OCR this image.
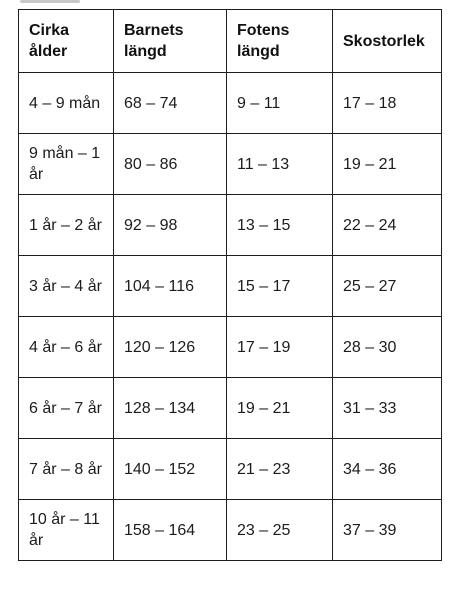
Cirka ålder	Barnets längd	Fotens längd	Skostorlek
4 – 9 mån	68 – 74	9 – 11	17 – 18
9 mån – 1 år	80 – 86	11 – 13	19 – 21
1 år – 2 år	92 – 98	13 – 15	22 – 24
3 år – 4 år	104 – 116	15 – 17	25 – 27
4 år – 6 år	120 – 126	17 – 19	28 – 30
6 år – 7 år	128 – 134	19 – 21	31 – 33
7 år – 8 år	140 – 152	21 – 23	34 – 36
10 år – 11 år	158 – 164	23 – 25	37 – 39
